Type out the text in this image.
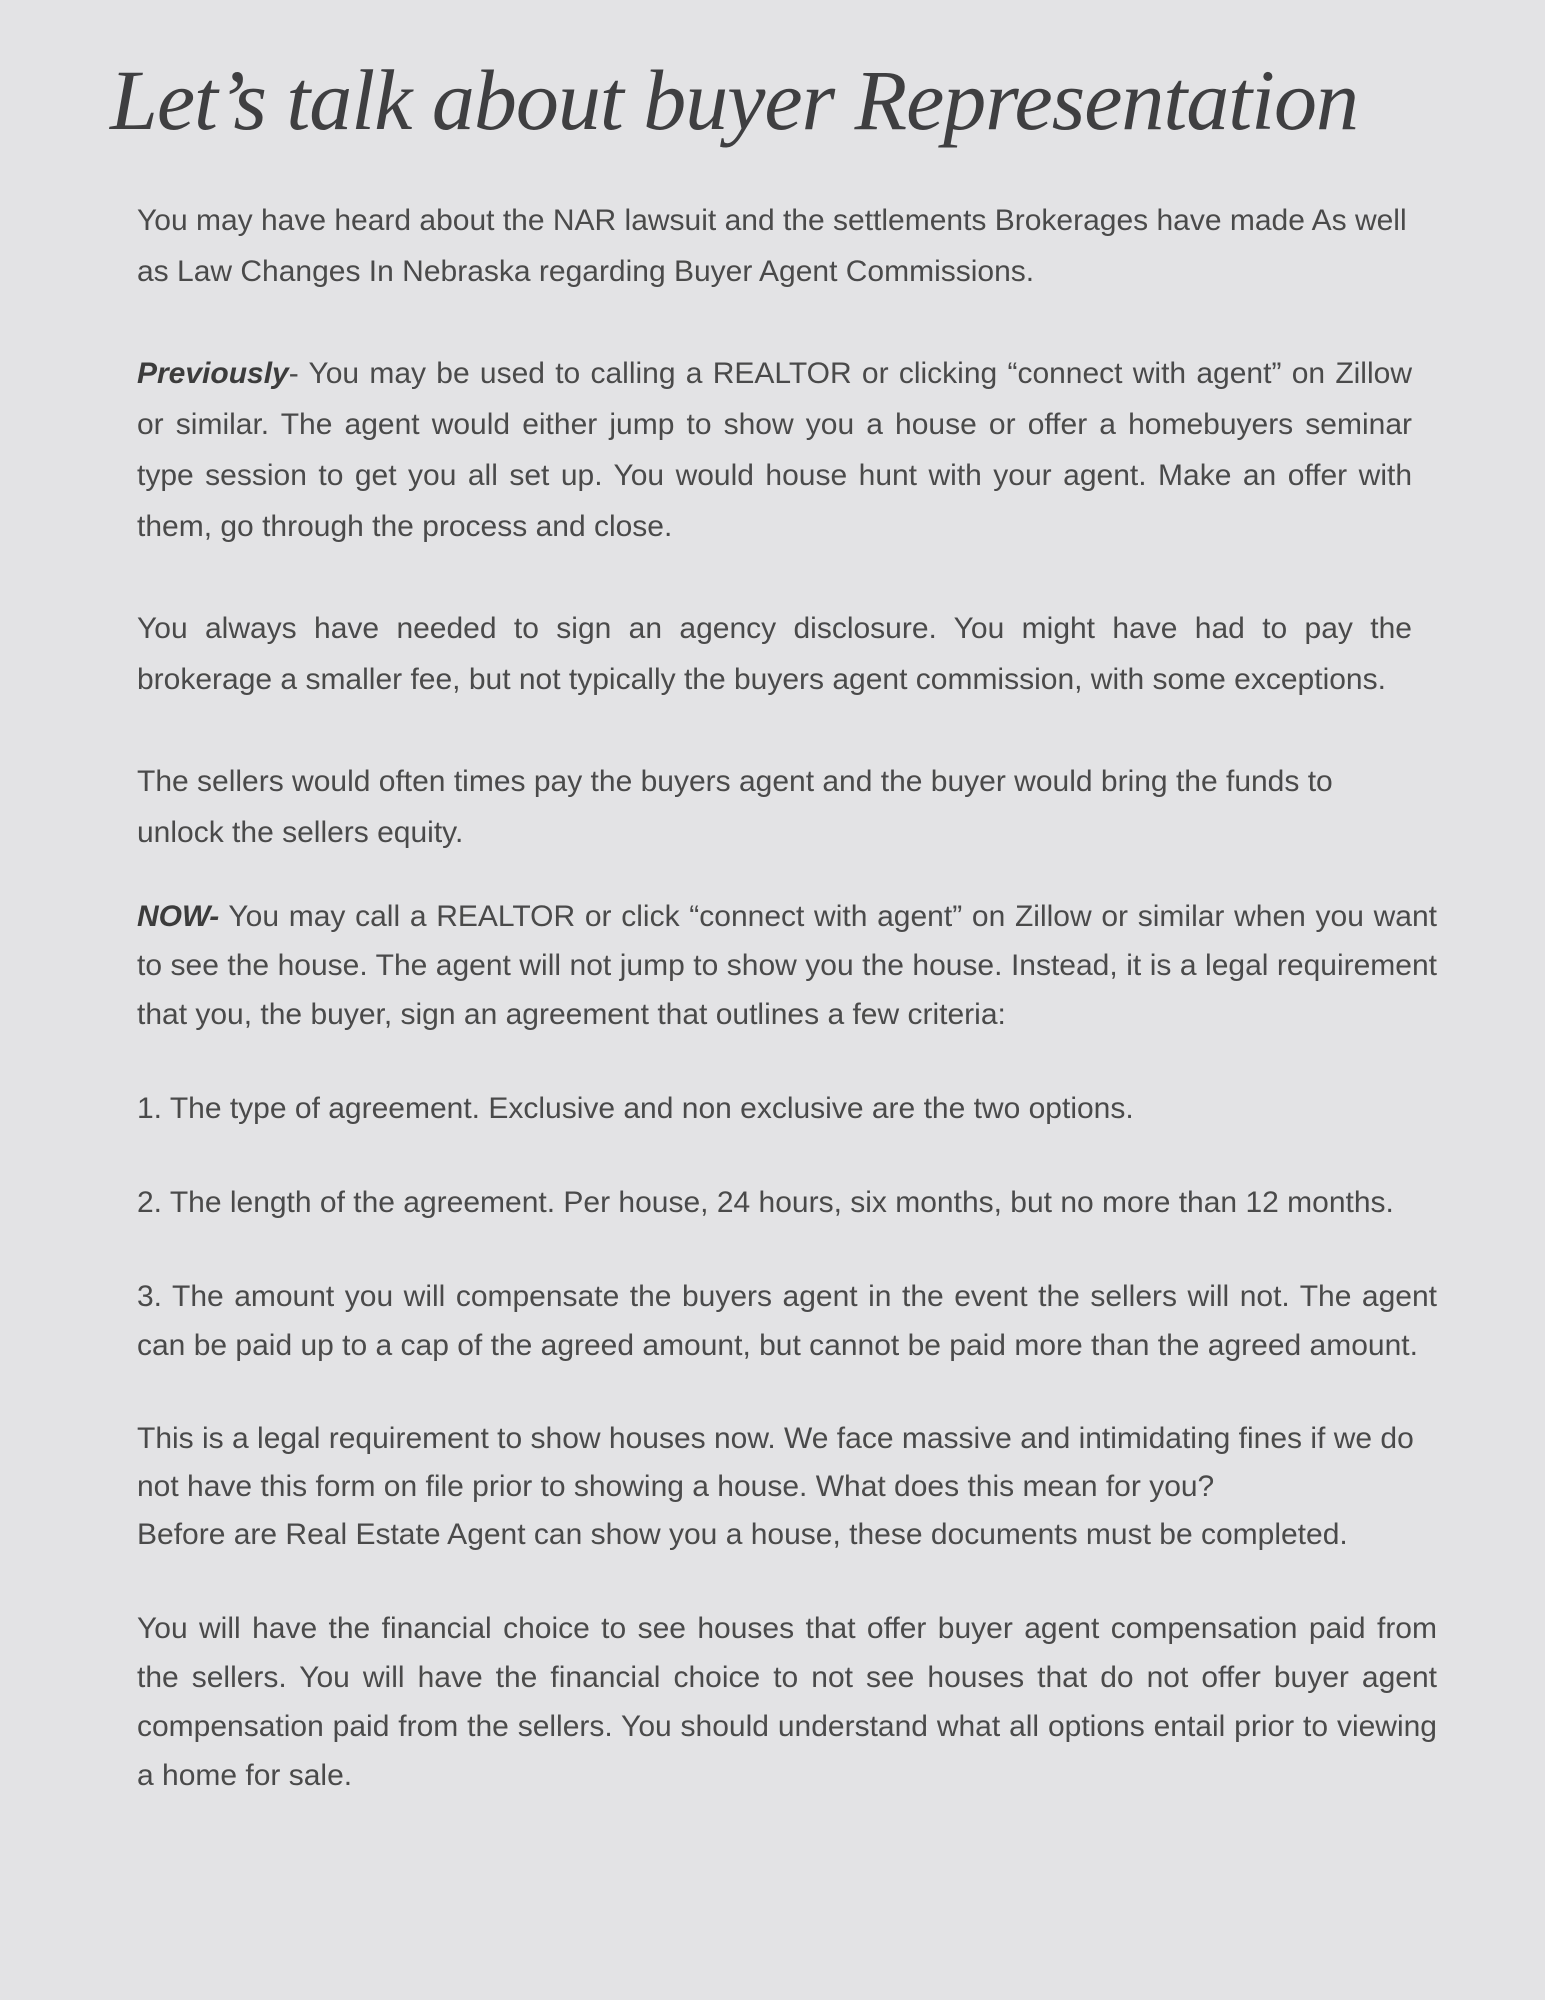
Let’s talk about buyer Representation

You may have heard about the NAR lawsuit and the settlements Brokerages have made As well as Law Changes In Nebraska regarding Buyer Agent Commissions.

Previously- You may be used to calling a REALTOR or clicking “connect with agent” on Zillow or similar. The agent would either jump to show you a house or offer a homebuyers seminar type session to get you all set up. You would house hunt with your agent. Make an offer with them, go through the process and close.

You always have needed to sign an agency disclosure. You might have had to pay the brokerage a smaller fee, but not typically the buyers agent commission, with some exceptions.

The sellers would often times pay the buyers agent and the buyer would bring the funds to unlock the sellers equity.

NOW- You may call a REALTOR or click “connect with agent” on Zillow or similar when you want to see the house. The agent will not jump to show you the house. Instead, it is a legal requirement that you, the buyer, sign an agreement that outlines a few criteria:

1. The type of agreement. Exclusive and non exclusive are the two options.

2. The length of the agreement. Per house, 24 hours, six months, but no more than 12 months.

3. The amount you will compensate the buyers agent in the event the sellers will not. The agent can be paid up to a cap of the agreed amount, but cannot be paid more than the agreed amount.

This is a legal requirement to show houses now. We face massive and intimidating fines if we do not have this form on file prior to showing a house. What does this mean for you?

Before are Real Estate Agent can show you a house, these documents must be completed.

You will have the financial choice to see houses that offer buyer agent compensation paid from the sellers. You will have the financial choice to not see houses that do not offer buyer agent compensation paid from the sellers. You should understand what all options entail prior to viewing a home for sale.
